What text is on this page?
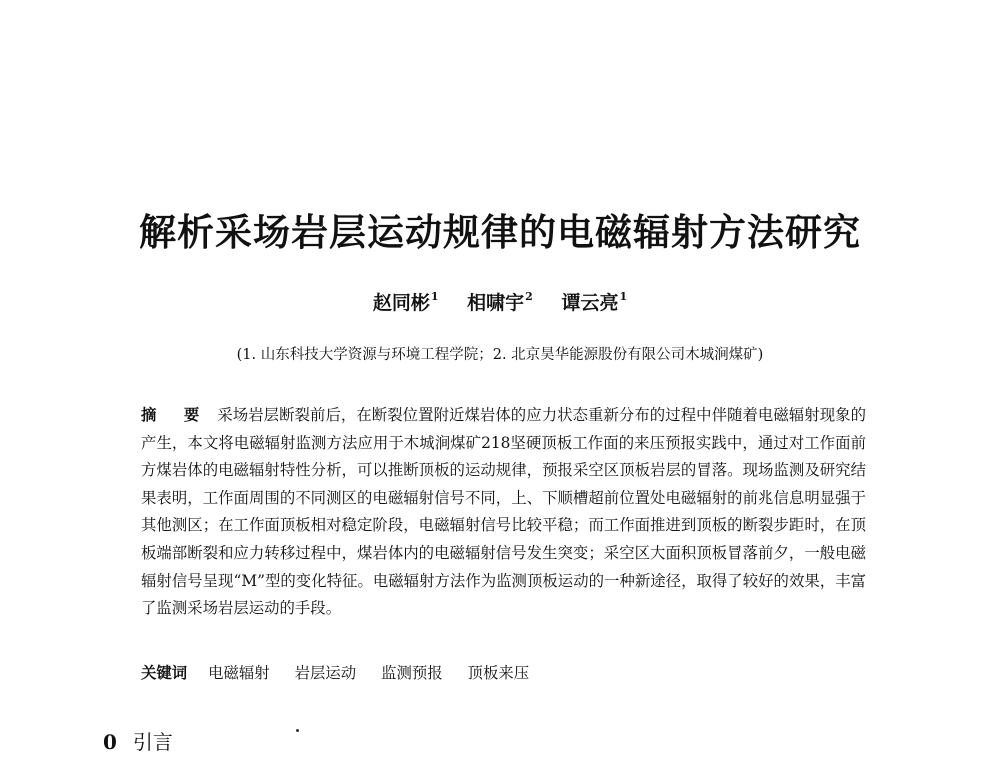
解析采场岩层运动规律的电磁辐射方法研究
赵同彬$^1$ 相啸宇$^2$ 谭云亮$^1$
(1. 山东科技大学资源与环境工程学院；2. 北京昊华能源股份有限公司木城涧煤矿)

摘　要 采场岩层断裂前后，在断裂位置附近煤岩体的应力状态重新分布的过程中伴随着电磁辐射现象的产生，本文将电磁辐射监测方法应用于木城涧煤矿218坚硬顶板工作面的来压预报实践中，通过对工作面前方煤岩体的电磁辐射特性分析，可以推断顶板的运动规律，预报采空区顶板岩层的冒落。现场监测及研究结果表明，工作面周围的不同测区的电磁辐射信号不同，上、下顺槽超前位置处电磁辐射的前兆信息明显强于其他测区；在工作面顶板相对稳定阶段，电磁辐射信号比较平稳；而工作面推进到顶板的断裂步距时，在顶板端部断裂和应力转移过程中，煤岩体内的电磁辐射信号发生突变；采空区大面积顶板冒落前夕，一般电磁辐射信号呈现“M”型的变化特征。电磁辐射方法作为监测顶板运动的一种新途径，取得了较好的效果，丰富了监测采场岩层运动的手段。

关键词 电磁辐射 岩层运动 监测预报 顶板来压
0 引言
